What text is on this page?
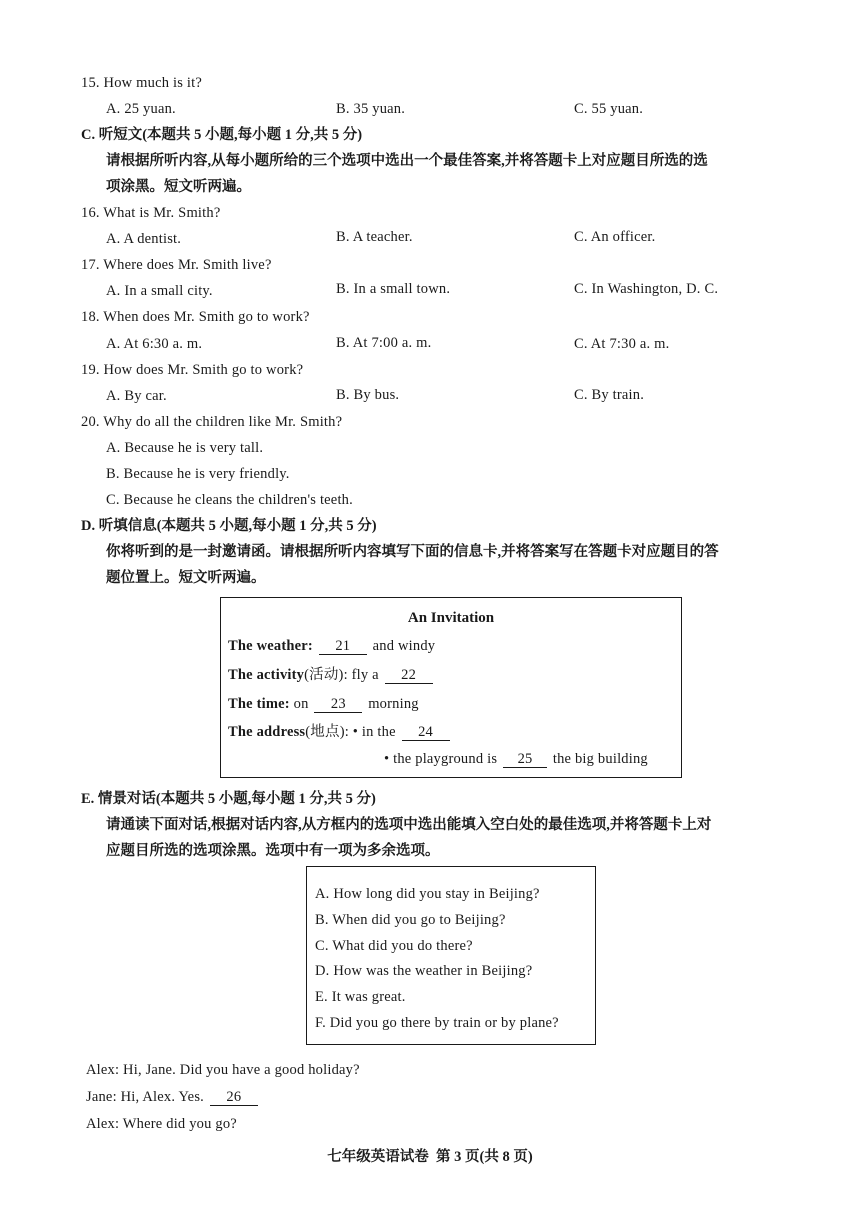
15. How much is it?
A. 25 yuan.	B. 35 yuan.	C. 55 yuan.
C. 听短文(本题共 5 小题,每小题 1 分,共 5 分)
请根据所听内容,从每小题所给的三个选项中选出一个最佳答案,并将答题卡上对应题目所选的选
项涂黑。短文听两遍。
16. What is Mr. Smith?
A. A dentist.	B. A teacher.	C. An officer.
17. Where does Mr. Smith live?
A. In a small city.	B. In a small town.	C. In Washington, D. C.
18. When does Mr. Smith go to work?
A. At 6:30 a. m.	B. At 7:00 a. m.	C. At 7:30 a. m.
19. How does Mr. Smith go to work?
A. By car.	B. By bus.	C. By train.
20. Why do all the children like Mr. Smith?
A. Because he is very tall.
B. Because he is very friendly.
C. Because he cleans the children's teeth.
D. 听填信息(本题共 5 小题,每小题 1 分,共 5 分)
你将听到的是一封邀请函。请根据所听内容填写下面的信息卡,并将答案写在答题卡对应题目的答
题位置上。短文听两遍。
An Invitation
The weather: 21 and windy
The activity(活动): fly a 22
The time: on 23 morning
The address(地点): • in the 24
• the playground is 25 the big building
E. 情景对话(本题共 5 小题,每小题 1 分,共 5 分)
请通读下面对话,根据对话内容,从方框内的选项中选出能填入空白处的最佳选项,并将答题卡上对
应题目所选的选项涂黑。选项中有一项为多余选项。
A. How long did you stay in Beijing?
B. When did you go to Beijing?
C. What did you do there?
D. How was the weather in Beijing?
E. It was great.
F. Did you go there by train or by plane?
Alex: Hi, Jane. Did you have a good holiday?
Jane: Hi, Alex. Yes. 26
Alex: Where did you go?
七年级英语试卷  第 3 页(共 8 页)
